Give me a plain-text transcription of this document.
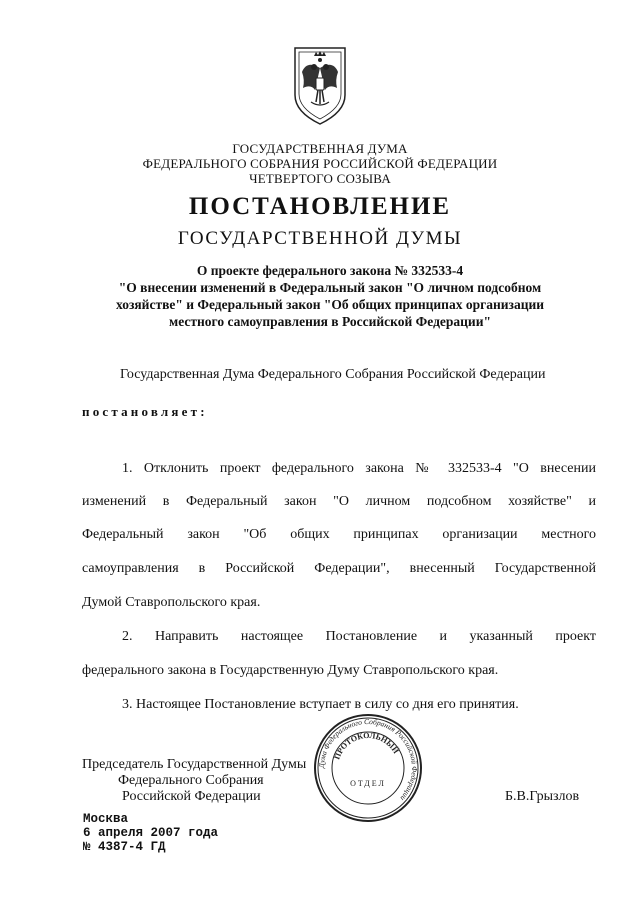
ГОСУДАРСТВЕННАЯ ДУМА
ФЕДЕРАЛЬНОГО СОБРАНИЯ РОССИЙСКОЙ ФЕДЕРАЦИИ
ЧЕТВЕРТОГО СОЗЫВА
ПОСТАНОВЛЕНИЕ
ГОСУДАРСТВЕННОЙ ДУМЫ
О проекте федерального закона № 332533-4
"О внесении изменений в Федеральный закон "О личном подсобном
хозяйстве" и Федеральный закон "Об общих принципах организации
местного самоуправления в Российской Федерации"
Государственная Дума Федерального Собрания Российской Федерации
постановляет:
1. Отклонить проект федерального закона № 332533-4 "О внесении
изменений в Федеральный закон "О личном подсобном хозяйстве" и
Федеральный закон "Об общих принципах организации местного
самоуправления в Российской Федерации", внесенный Государственной
Думой Ставропольского края.
2. Направить настоящее Постановление и указанный проект
федерального закона в Государственную Думу Ставропольского края.
3. Настоящее Постановление вступает в силу со дня его принятия.
Председатель Государственной Думы
Федерального Собрания
Российской Федерации	Б.В.Грызлов
Дума Федерального Собрания Российской Федерации
ПРОТОКОЛЬНЫЙ
ОТДЕЛ
Москва
6 апреля 2007 года
№ 4387-4 ГД
